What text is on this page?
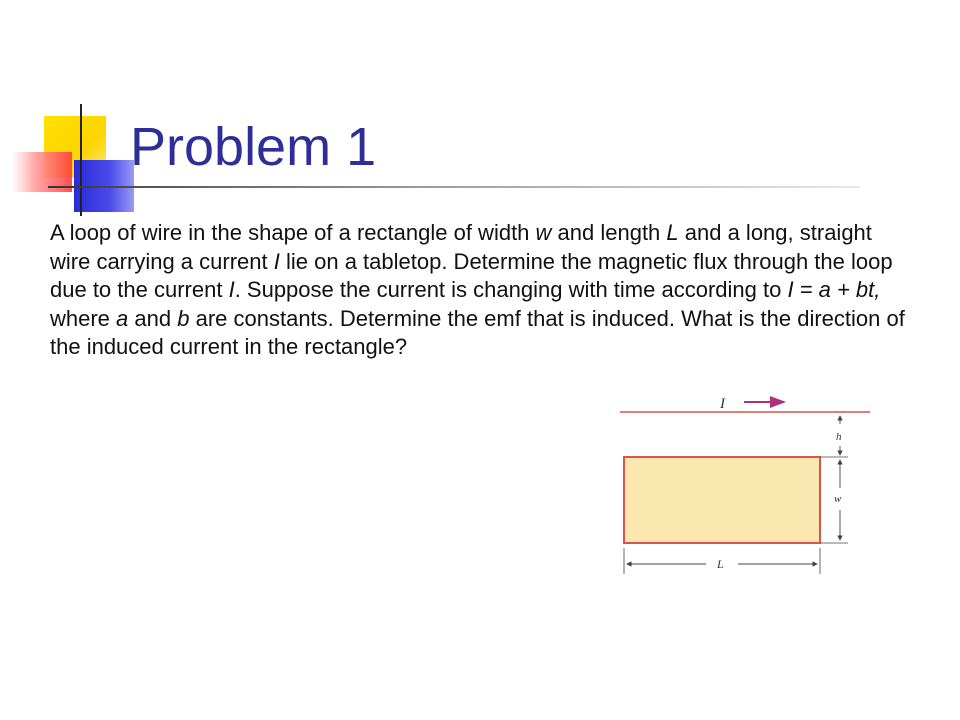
Problem 1

A loop of wire in the shape of a rectangle of width w and length L and a long, straight wire carrying a current I lie on a tabletop. Determine the magnetic flux through the loop due to the current I. Suppose the current is changing with time according to I = a + bt, where a and b are constants. Determine the emf that is induced. What is the direction of the induced current in the rectangle?

I
h
w
L
